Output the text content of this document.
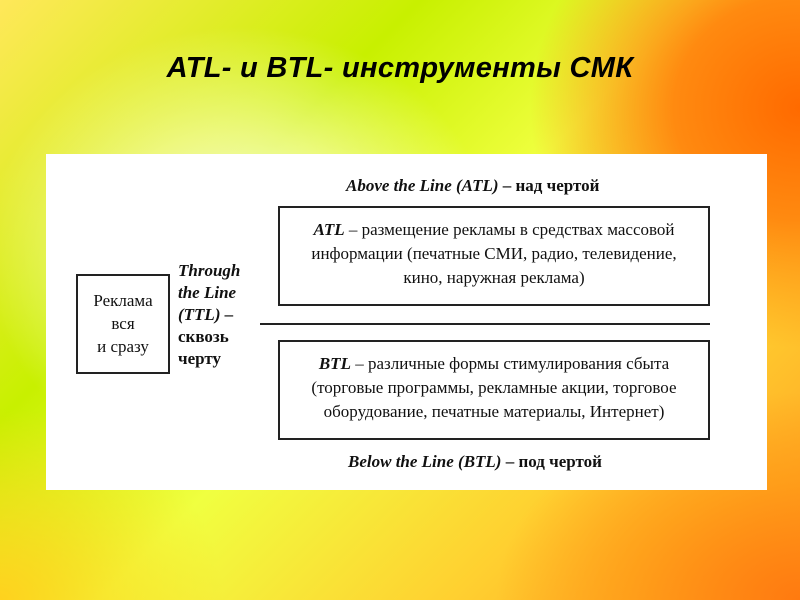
ATL- и BTL- инструменты СМК
Above the Line (ATL) – над чертой
ATL – размещение рекламы в средствах массовой
информации (печатные СМИ, радио, телевидение,
кино, наружная реклама)
Реклама
вся
и сразу
Through
the Line
(TTL) –
сквозь
черту	BTL – различные формы стимулирования сбыта
(торговые программы, рекламные акции, торговое
оборудование, печатные материалы, Интернет)
Below the Line (BTL) – под чертой
